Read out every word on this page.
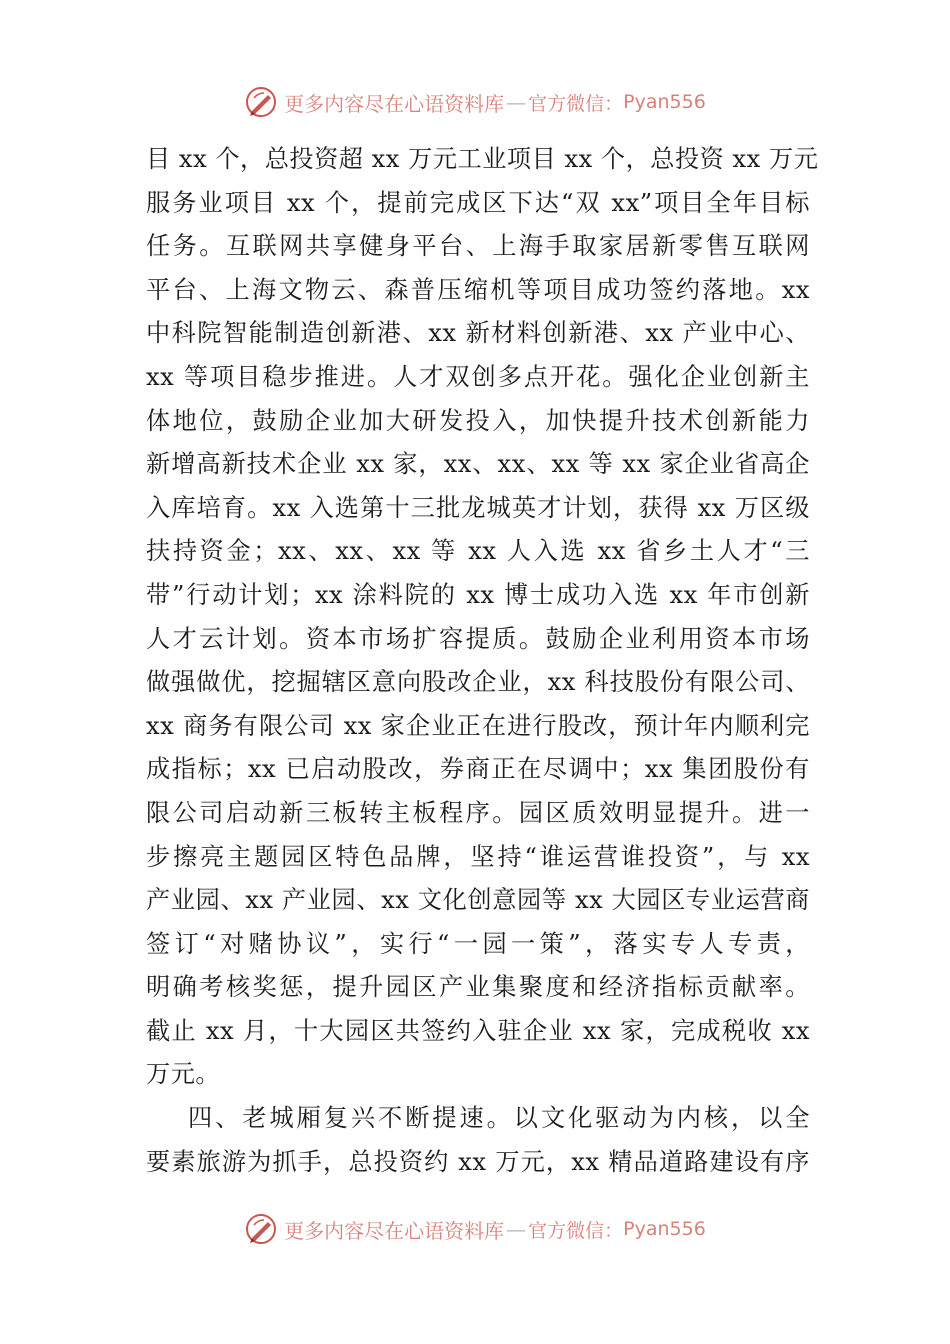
更多内容尽在心语资料库 — 官方微信： Pyan556
目 xx 个，总投资超 xx 万元工业项目 xx 个，总投资 xx 万元
服务业项目 xx 个，提前完成区下达“双 xx”项目全年目标
任务。互联网共享健身平台、上海手取家居新零售互联网
平台、上海文物云、森普压缩机等项目成功签约落地。xx
中科院智能制造创新港、xx 新材料创新港、xx 产业中心、
xx 等项目稳步推进。人才双创多点开花。强化企业创新主
体地位，鼓励企业加大研发投入，加快提升技术创新能力
新增高新技术企业 xx 家，xx、xx、xx 等 xx 家企业省高企
入库培育。xx 入选第十三批龙城英才计划，获得 xx 万区级
扶持资金；xx、xx、xx 等 xx 人入选 xx 省乡土人才“三
带”行动计划；xx 涂料院的 xx 博士成功入选 xx 年市创新
人才云计划。资本市场扩容提质。鼓励企业利用资本市场
做强做优，挖掘辖区意向股改企业，xx 科技股份有限公司、
xx 商务有限公司 xx 家企业正在进行股改，预计年内顺利完
成指标；xx 已启动股改，券商正在尽调中；xx 集团股份有
限公司启动新三板转主板程序。园区质效明显提升。进一
步擦亮主题园区特色品牌，坚持“谁运营谁投资”，与 xx
产业园、xx 产业园、xx 文化创意园等 xx 大园区专业运营商
签订“对赌协议”，实行“一园一策”，落实专人专责，
明确考核奖惩，提升园区产业集聚度和经济指标贡献率。
截止 xx 月，十大园区共签约入驻企业 xx 家，完成税收 xx
万元。
四、老城厢复兴不断提速。以文化驱动为内核，以全
要素旅游为抓手，总投资约 xx 万元，xx 精品道路建设有序
更多内容尽在心语资料库 — 官方微信： Pyan556
